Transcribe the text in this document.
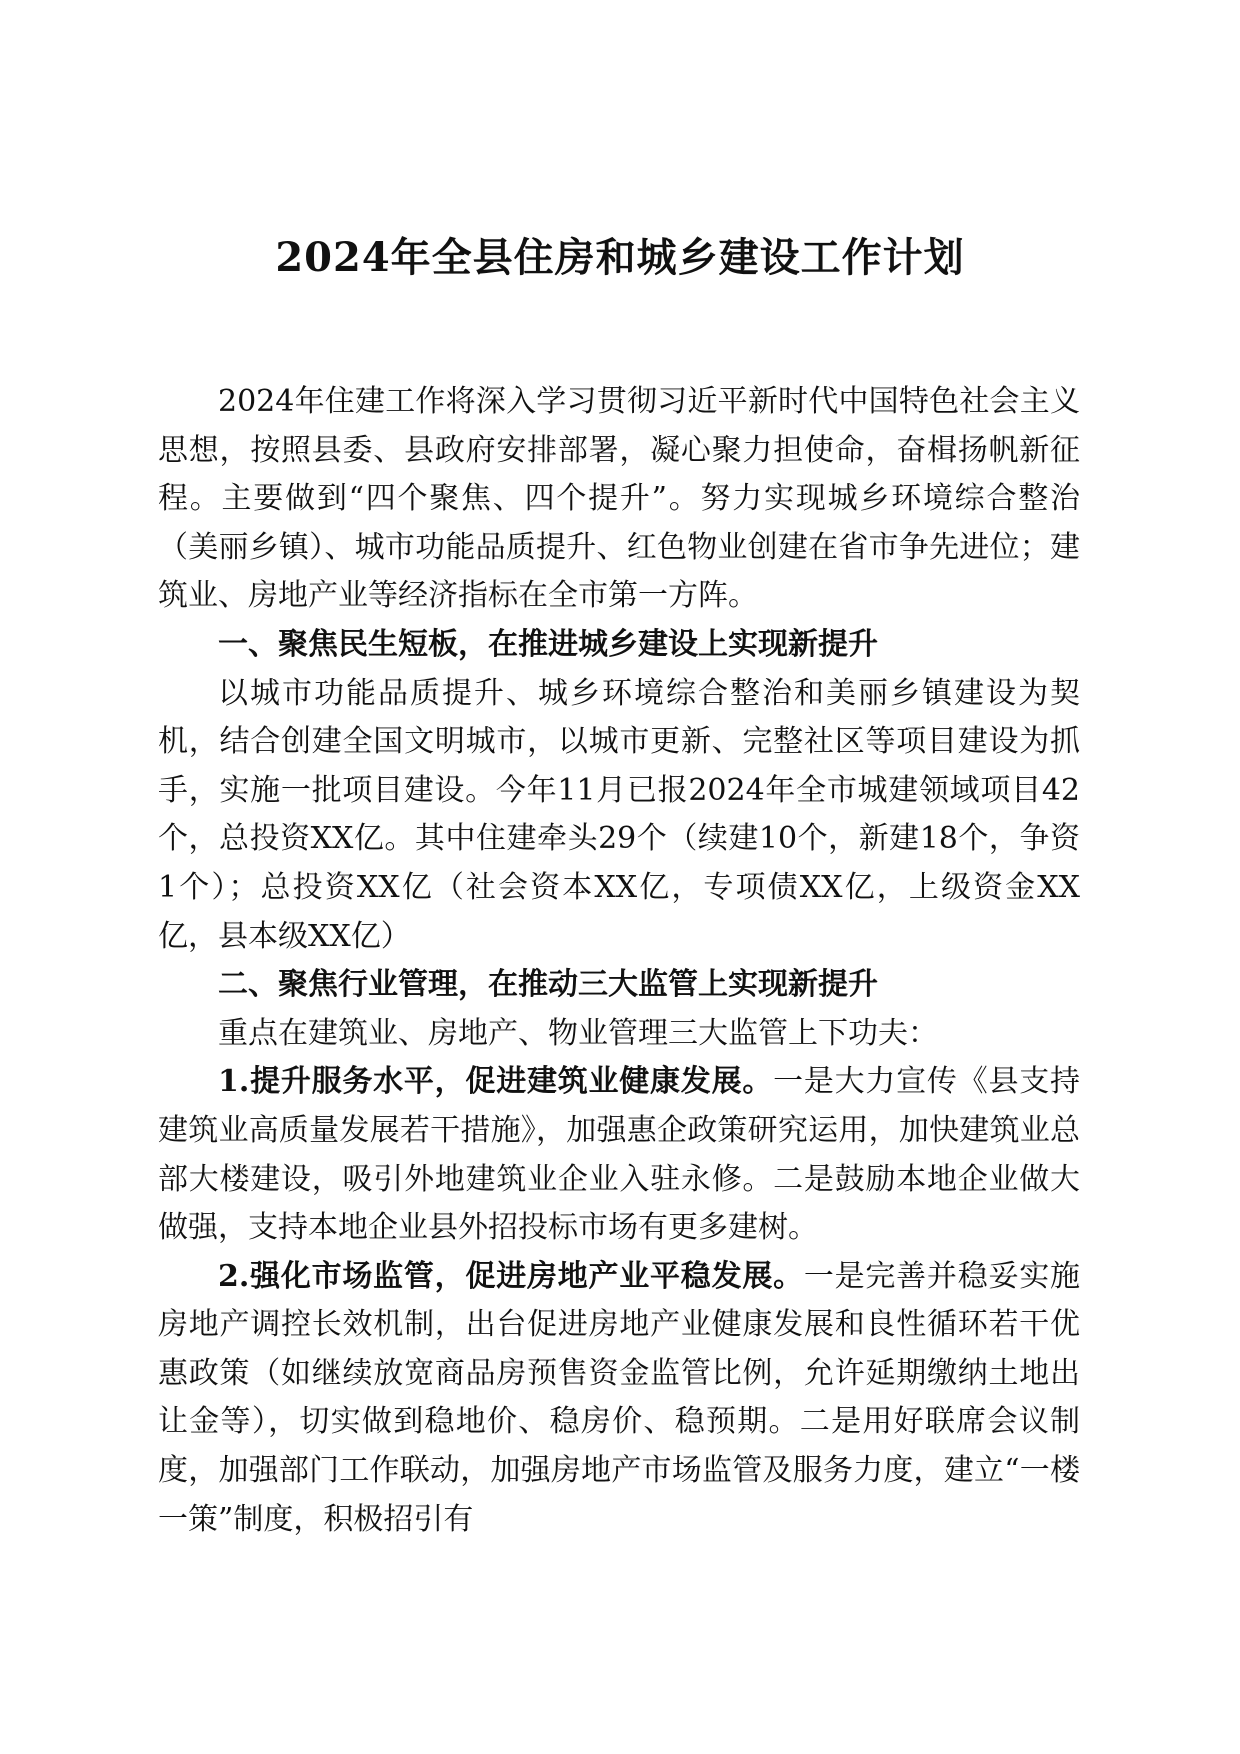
2024年全县住房和城乡建设工作计划

2024年住建工作将深入学习贯彻习近平新时代中国特色社会主义思想，按照县委、县政府安排部署，凝心聚力担使命，奋楫扬帆新征程。主要做到“四个聚焦、四个提升”。努力实现城乡环境综合整治（美丽乡镇）、城市功能品质提升、红色物业创建在省市争先进位；建筑业、房地产业等经济指标在全市第一方阵。

一、聚焦民生短板，在推进城乡建设上实现新提升

以城市功能品质提升、城乡环境综合整治和美丽乡镇建设为契机，结合创建全国文明城市，以城市更新、完整社区等项目建设为抓手，实施一批项目建设。今年11月已报2024年全市城建领域项目42个，总投资XX亿。其中住建牵头29个（续建10个，新建18个，争资1个）；总投资XX亿（社会资本XX亿，专项债XX亿，上级资金XX亿，县本级XX亿）

二、聚焦行业管理，在推动三大监管上实现新提升

重点在建筑业、房地产、物业管理三大监管上下功夫：

1.提升服务水平，促进建筑业健康发展。一是大力宣传《县支持建筑业高质量发展若干措施》，加强惠企政策研究运用，加快建筑业总部大楼建设，吸引外地建筑业企业入驻永修。二是鼓励本地企业做大做强，支持本地企业县外招投标市场有更多建树。

2.强化市场监管，促进房地产业平稳发展。一是完善并稳妥实施房地产调控长效机制，出台促进房地产业健康发展和良性循环若干优惠政策（如继续放宽商品房预售资金监管比例，允许延期缴纳土地出让金等），切实做到稳地价、稳房价、稳预期。二是用好联席会议制度，加强部门工作联动，加强房地产市场监管及服务力度，建立“一楼一策”制度，积极招引有
